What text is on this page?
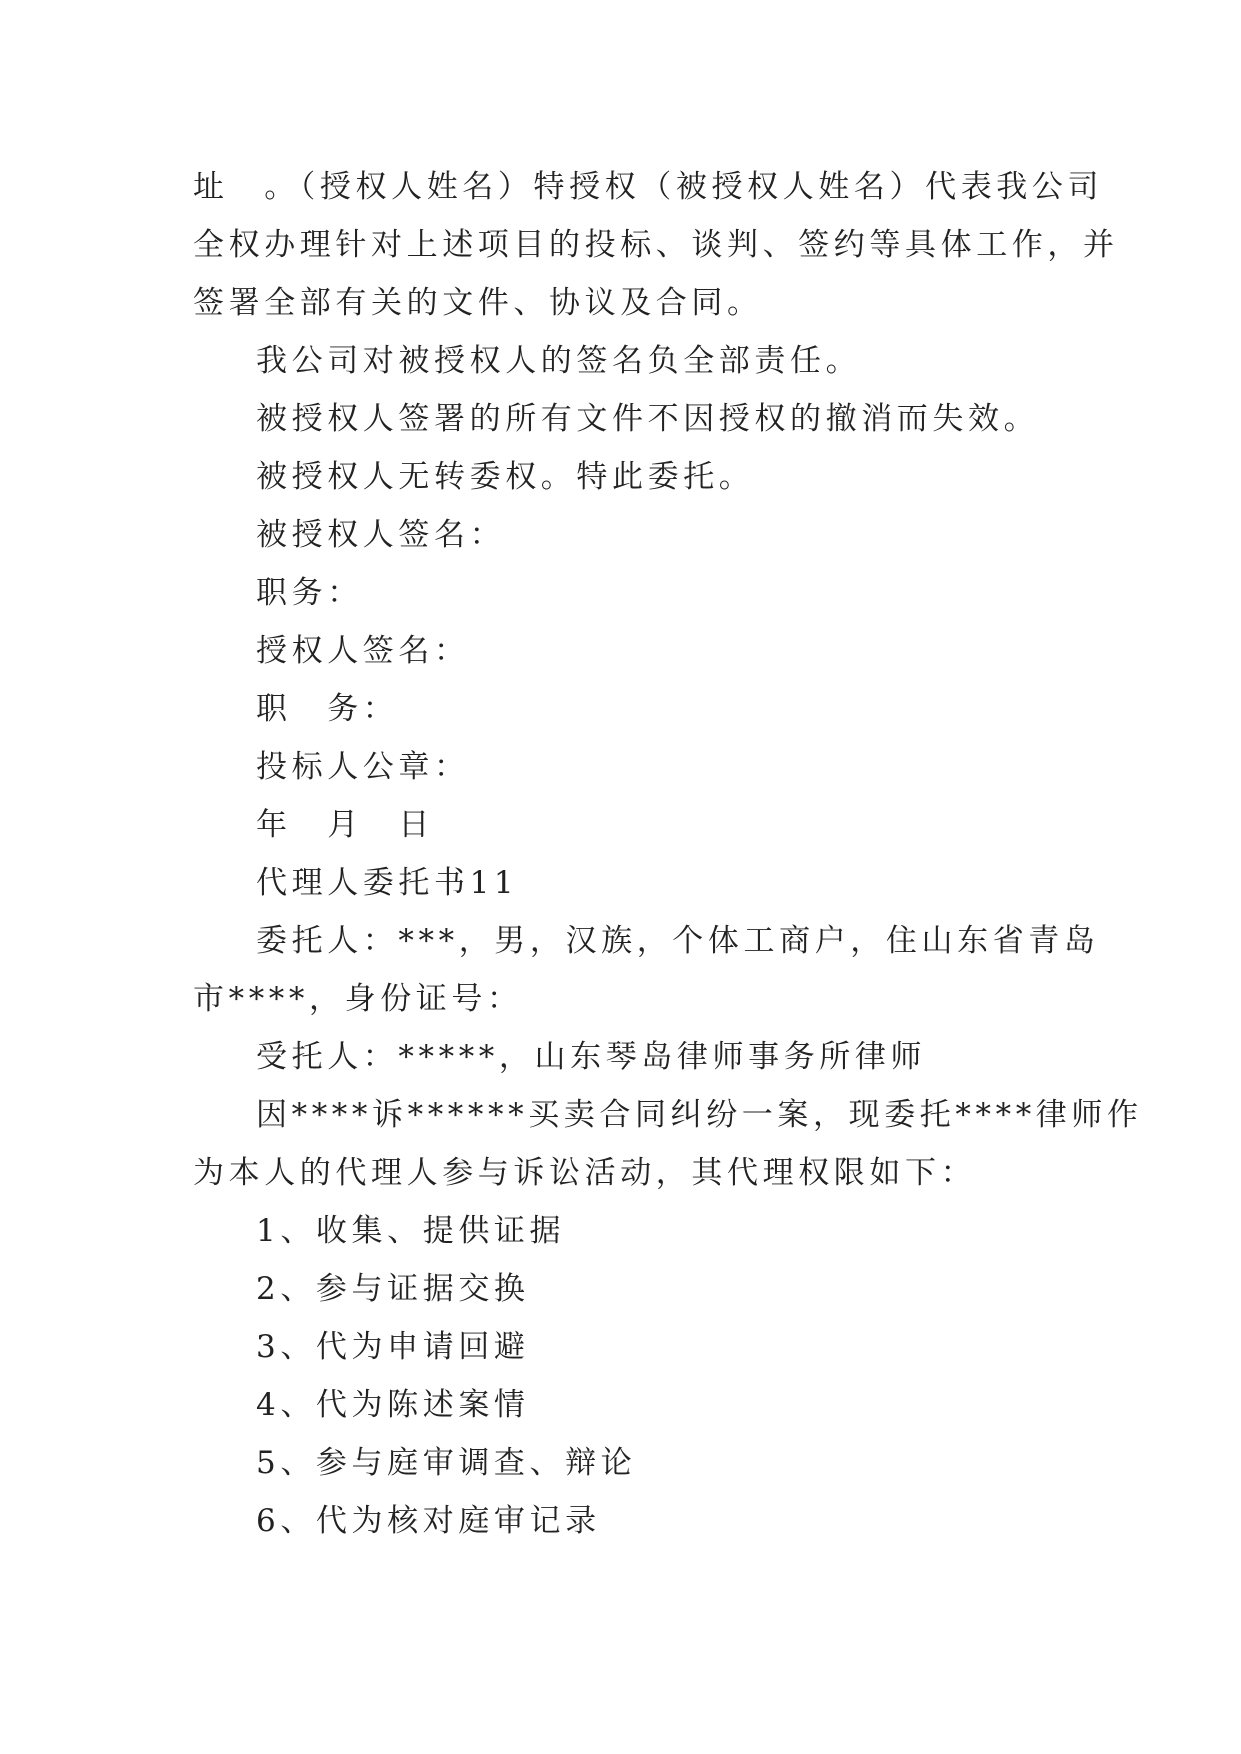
址　。（授权人姓名）特授权（被授权人姓名）代表我公司
全权办理针对上述项目的投标、谈判、签约等具体工作，并
签署全部有关的文件、协议及合同。
我公司对被授权人的签名负全部责任。
被授权人签署的所有文件不因授权的撤消而失效。
被授权人无转委权。特此委托。
被授权人签名：
职务：
授权人签名：
职　务：
投标人公章：
年　月　日
代理人委托书11
委托人：***，男，汉族，个体工商户，住山东省青岛
市****，身份证号：
受托人：*****，山东琴岛律师事务所律师
因****诉******买卖合同纠纷一案，现委托****律师作
为本人的代理人参与诉讼活动，其代理权限如下：
1、收集、提供证据
2、参与证据交换
3、代为申请回避
4、代为陈述案情
5、参与庭审调查、辩论
6、代为核对庭审记录
